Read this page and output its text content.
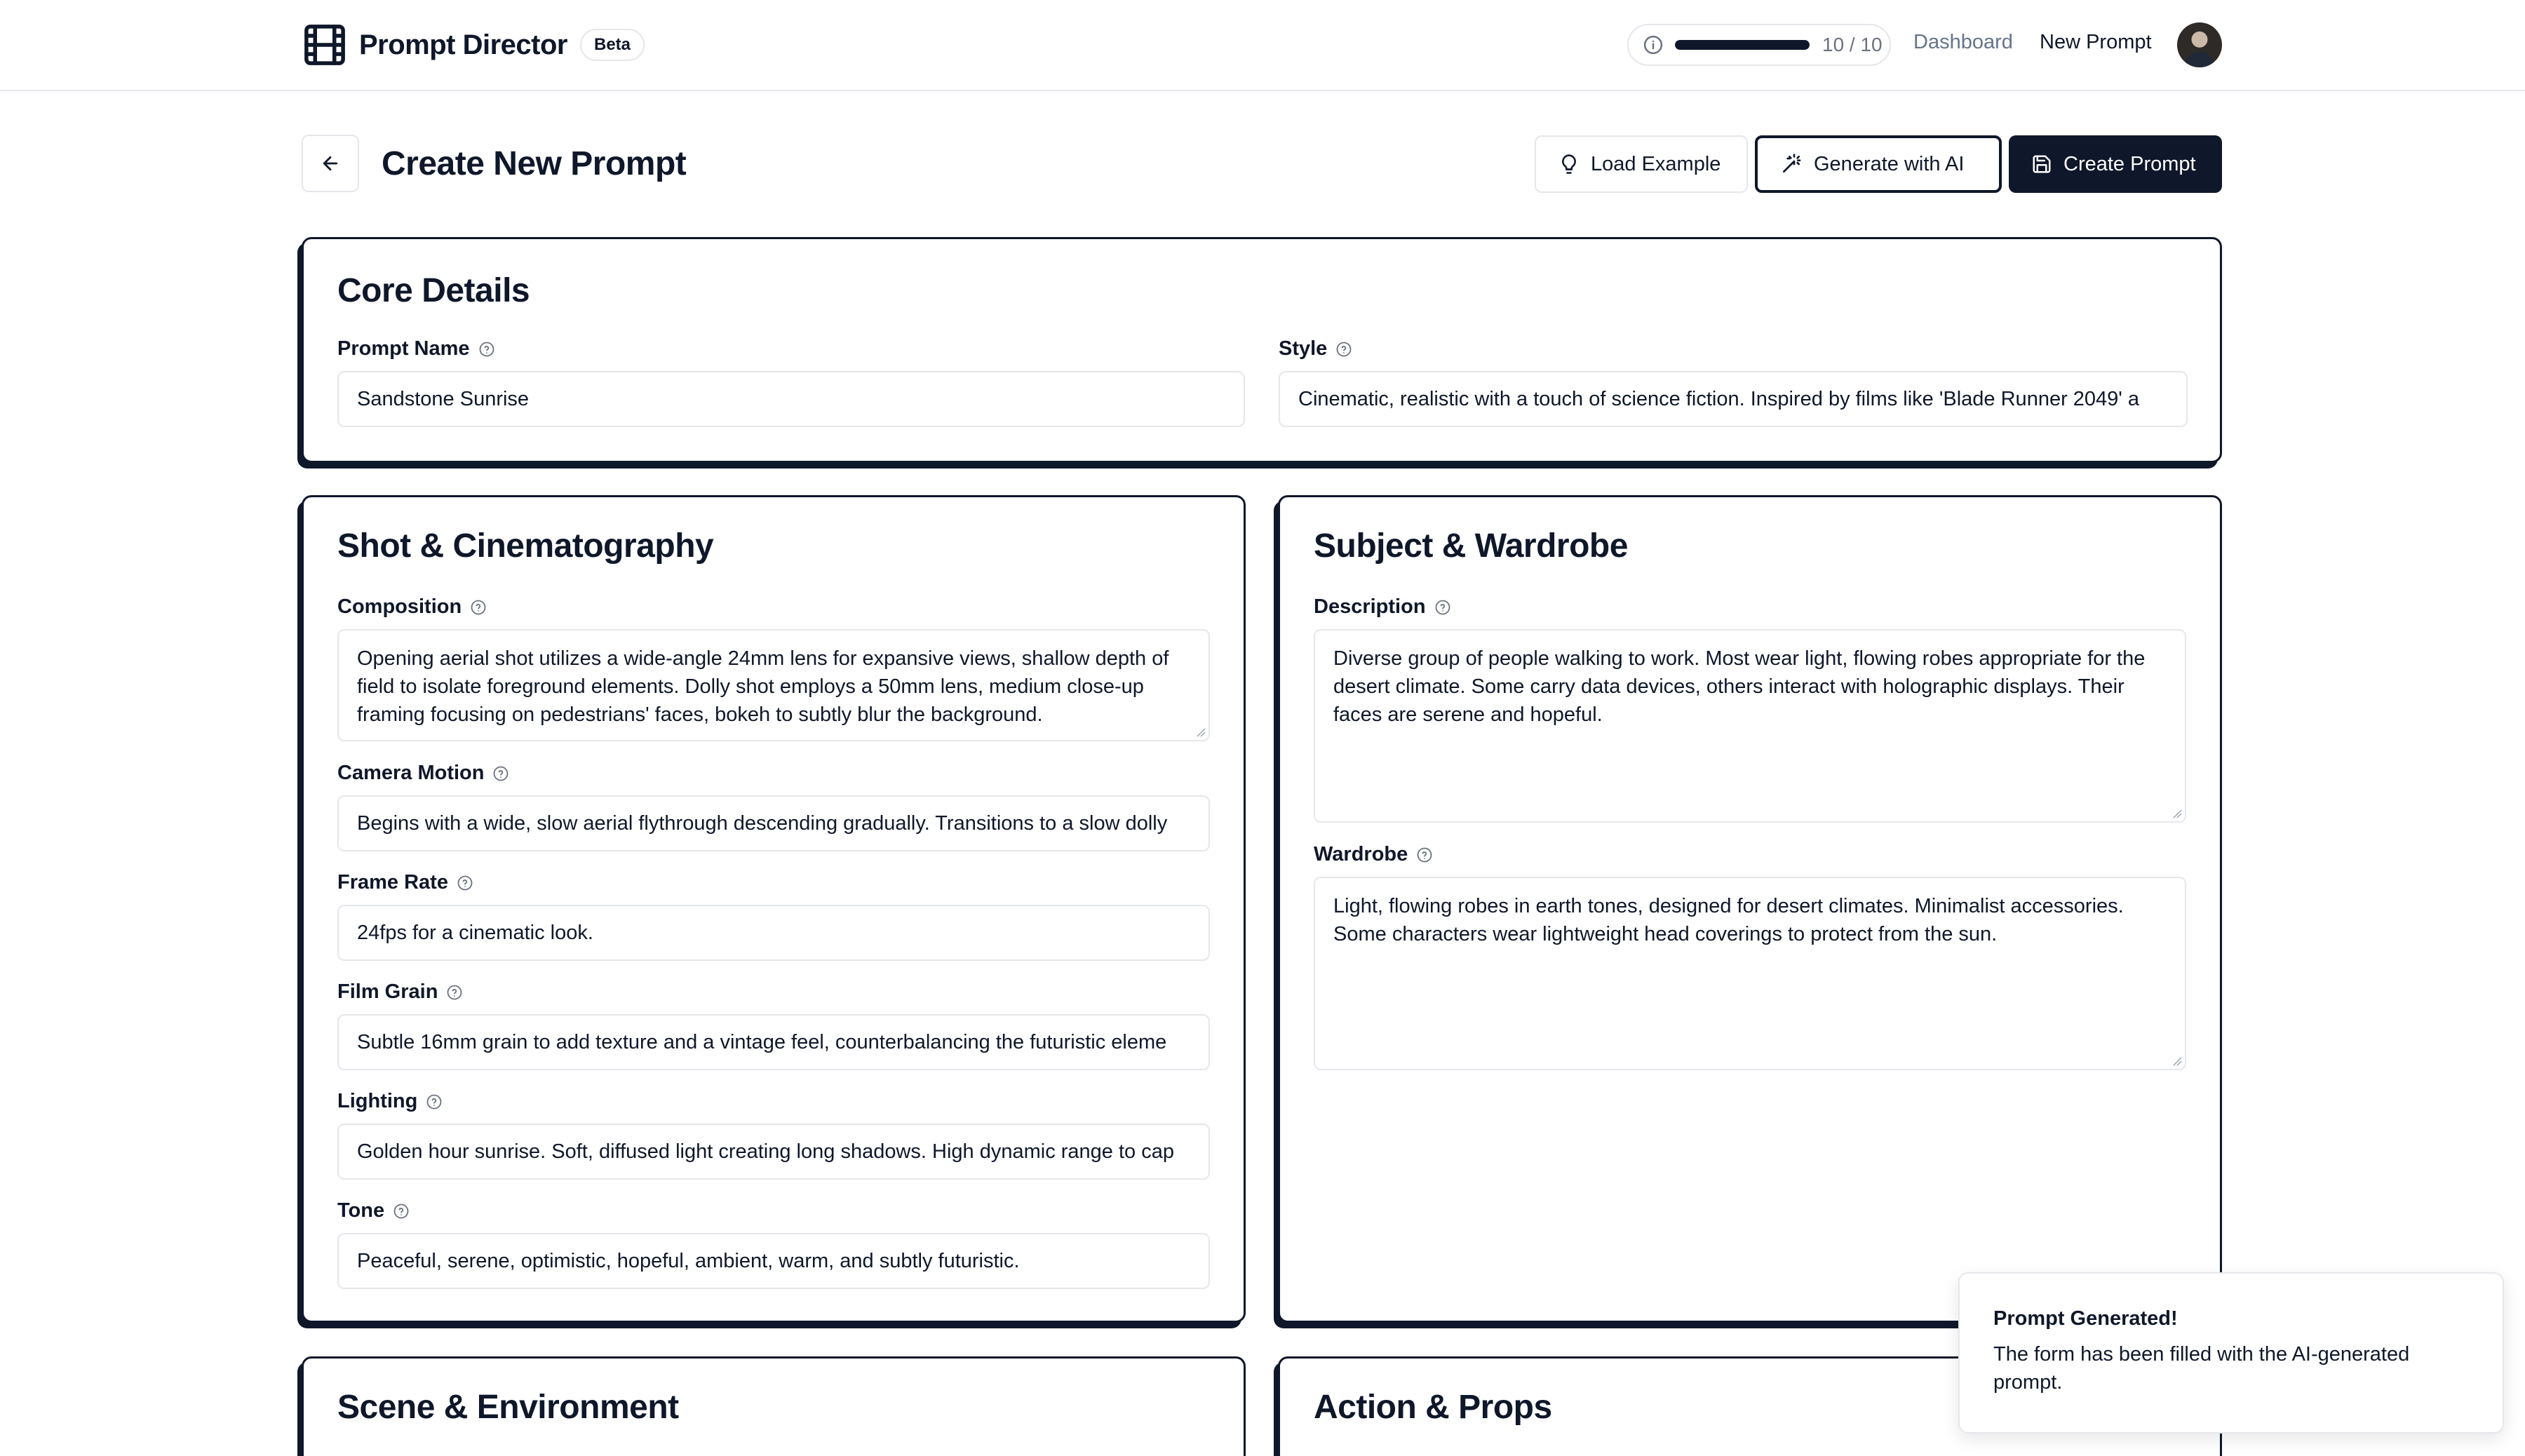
Prompt Director	Beta	10 / 10 Dashboard New Prompt
Create New Prompt	Load Example	Generate with AI	Create Prompt
Core Details
Prompt Name
Sandstone Sunrise
Style
Cinematic, realistic with a touch of science fiction. Inspired by films like 'Blade Runner 2049' a
Shot & Cinematography
Composition
Opening aerial shot utilizes a wide-angle 24mm lens for expansive views, shallow depth of field to isolate foreground elements. Dolly shot employs a 50mm lens, medium close-up framing focusing on pedestrians' faces, bokeh to subtly blur the background.
Camera Motion
Begins with a wide, slow aerial flythrough descending gradually. Transitions to a slow dolly
Frame Rate
24fps for a cinematic look.
Film Grain
Subtle 16mm grain to add texture and a vintage feel, counterbalancing the futuristic eleme
Lighting
Golden hour sunrise. Soft, diffused light creating long shadows. High dynamic range to cap
Tone
Peaceful, serene, optimistic, hopeful, ambient, warm, and subtly futuristic.
Subject & Wardrobe
Description
Diverse group of people walking to work. Most wear light, flowing robes appropriate for the desert climate. Some carry data devices, others interact with holographic displays. Their faces are serene and hopeful.
Wardrobe
Light, flowing robes in earth tones, designed for desert climates. Minimalist accessories. Some characters wear lightweight head coverings to protect from the sun.
Scene & Environment	Action & Props
Prompt Generated!
The form has been filled with the AI-generated prompt.
